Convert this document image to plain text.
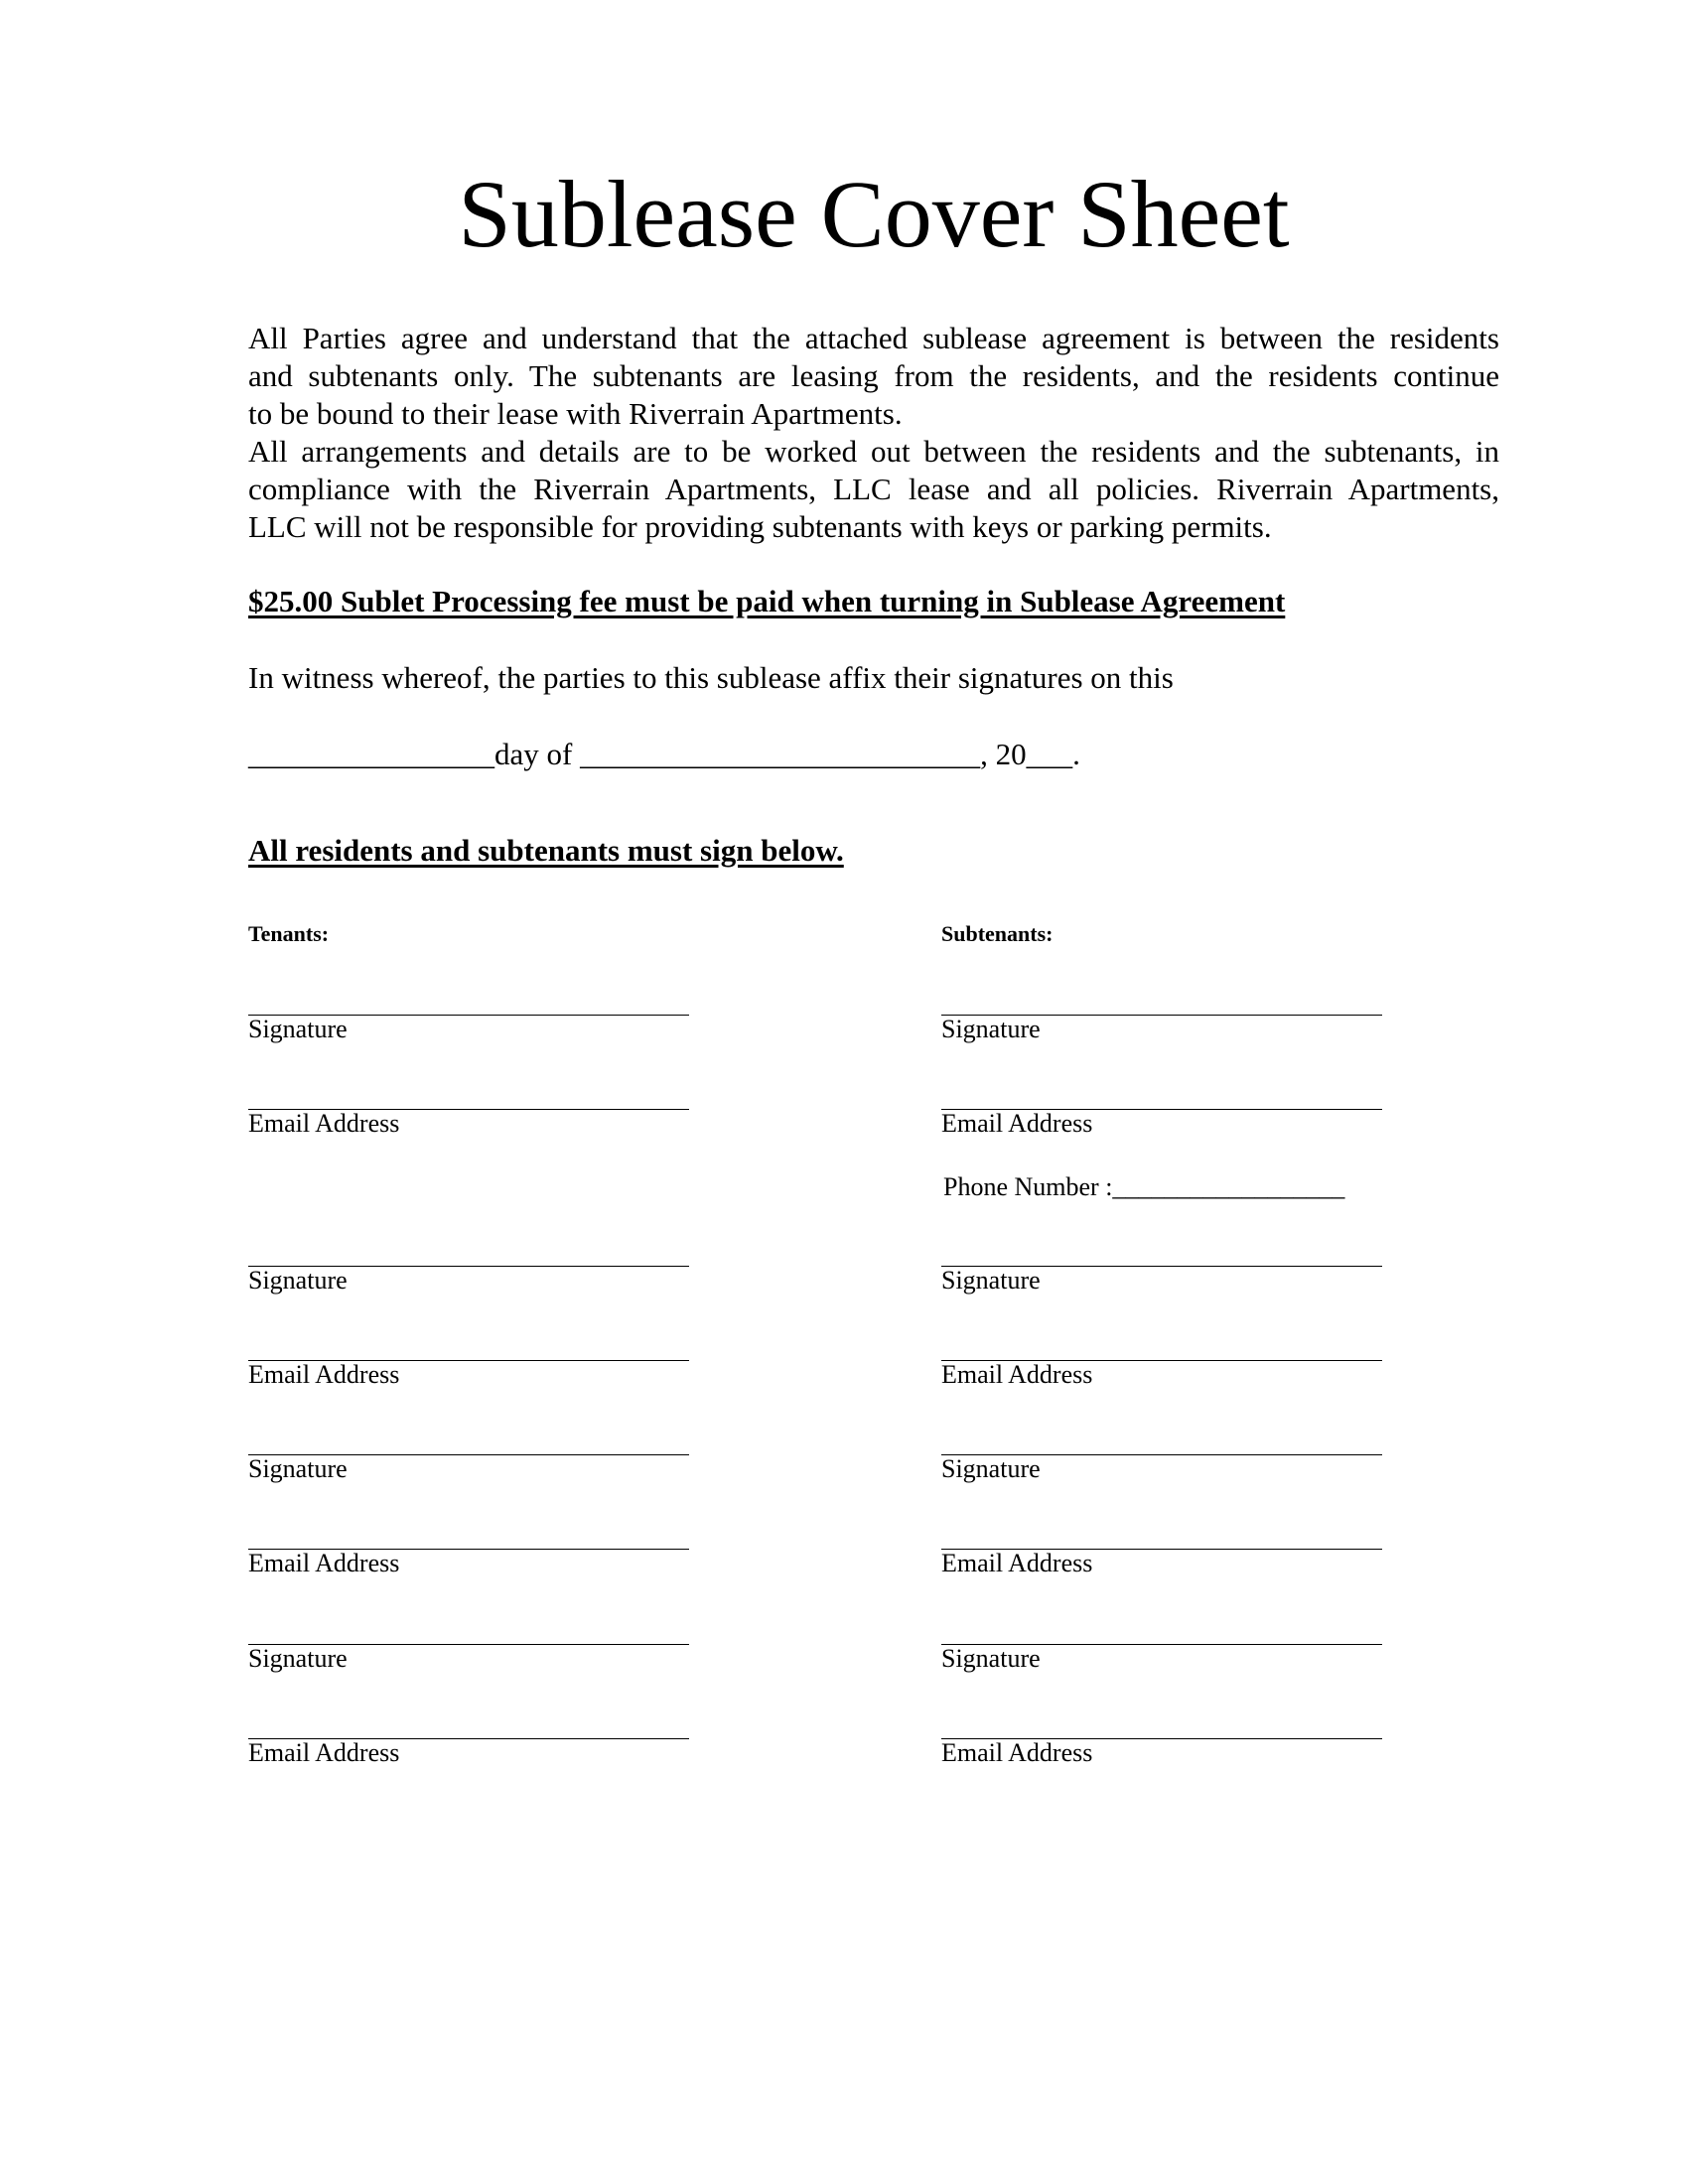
Sublease Cover Sheet

All Parties agree and understand that the attached sublease agreement is between the residents

and subtenants only. The subtenants are leasing from the residents, and the residents continue

to be bound to their lease with Riverrain Apartments.

All arrangements and details are to be worked out between the residents and the subtenants, in

compliance with the Riverrain Apartments, LLC lease and all policies. Riverrain Apartments,

LLC will not be responsible for providing subtenants with keys or parking permits.

$25.00 Sublet Processing fee must be paid when turning in Sublease Agreement
In witness whereof, the parties to this sublease affix their signatures on this
________________day of __________________________, 20___.
All residents and subtenants must sign below.
Tenants:	Subtenants:
Signature
Email Address
Signature
Email Address
Signature
Email Address
Signature
Email Address
Signature
Email Address
Signature
Email Address
Signature
Email Address
Signature
Email Address
Phone Number :__________________
